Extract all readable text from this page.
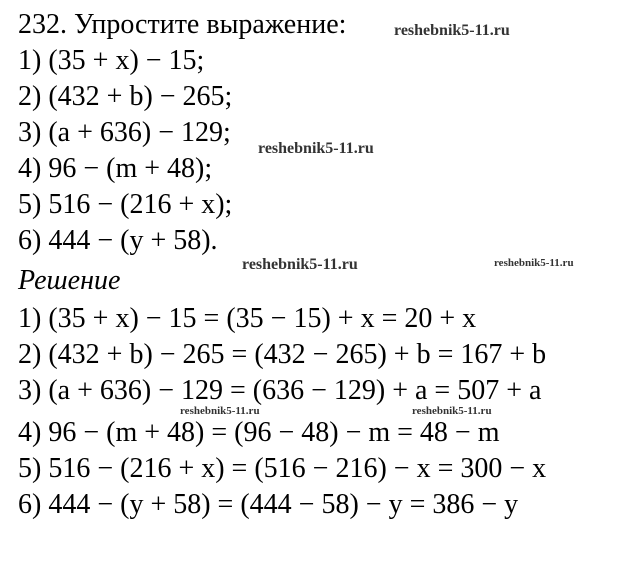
232. Упростите выражение:
1) (35 + x) − 15;
2) (432 + b) − 265;
3) (a + 636) − 129;
4) 96 − (m + 48);
5) 516 − (216 + x);
6) 444 − (y + 58).
Решение
1) (35 + x) − 15 = (35 − 15) + x = 20 + x
2) (432 + b) − 265 = (432 − 265) + b = 167 + b
3) (a + 636) − 129 = (636 − 129) + a = 507 + a
4) 96 − (m + 48) = (96 − 48) − m = 48 − m
5) 516 − (216 + x) = (516 − 216) − x = 300 − x
6) 444 − (y + 58) = (444 − 58) − y = 386 − y
reshebnik5-11.ru
reshebnik5-11.ru
reshebnik5-11.ru	reshebnik5-11.ru
reshebnik5-11.ru	reshebnik5-11.ru
